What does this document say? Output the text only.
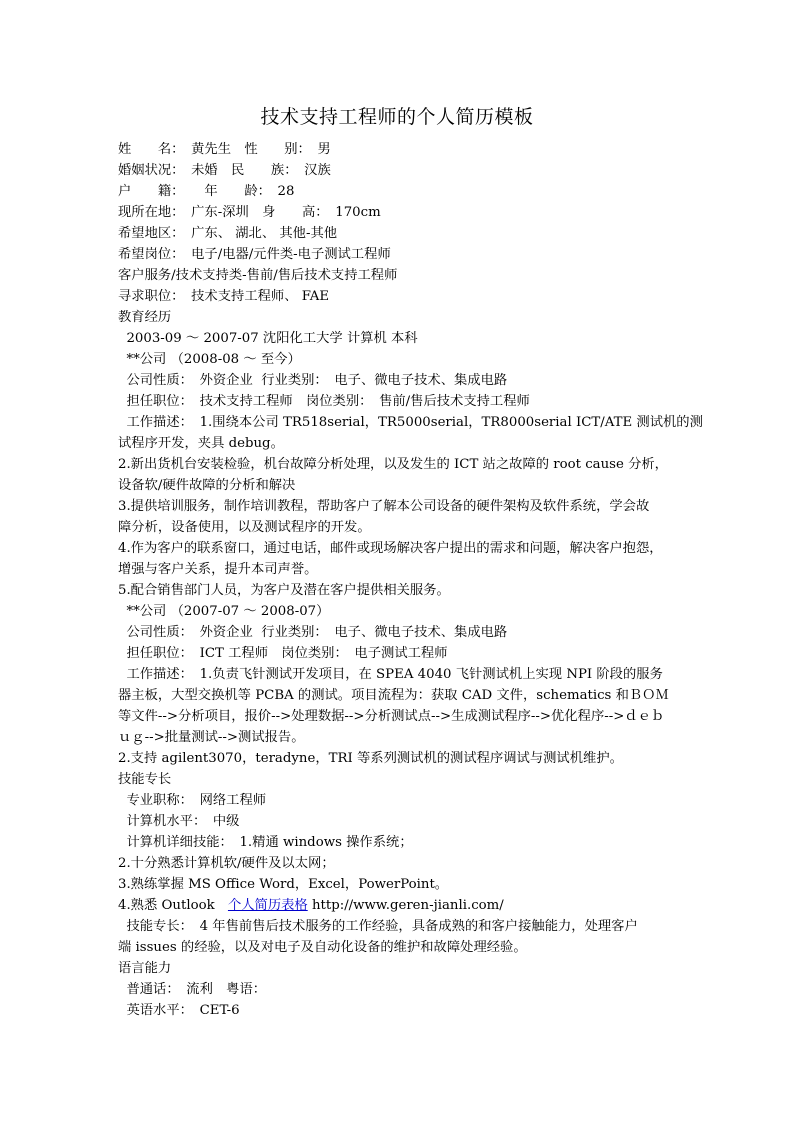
技术支持工程师的个人简历模板
姓　　名：　黄先生　性　　别：　男
婚姻状况：　未婚　民　　族：　汉族
户　　籍：　　年　　龄：　28
现所在地：　广东-深圳　身　　高：　170cm
希望地区：　广东、 湖北、 其他-其他
希望岗位：　电子/电器/元件类-电子测试工程师
客户服务/技术支持类-售前/售后技术支持工程师
寻求职位：　技术支持工程师、 FAE
教育经历
2003-09 ～ 2007-07 沈阳化工大学 计算机 本科
**公司 （2008-08 ～ 至今）
公司性质：　外资企业  行业类别：　电子、微电子技术、集成电路
担任职位：　技术支持工程师　岗位类别：　售前/售后技术支持工程师
工作描述：　1.围绕本公司 TR518serial，TR5000serial，TR8000serial ICT/ATE 测试机的测
试程序开发，夹具 debug。
2.新出货机台安装检验，机台故障分析处理，以及发生的 ICT 站之故障的 root cause 分析，
设备软/硬件故障的分析和解决
3.提供培训服务，制作培训教程，帮助客户了解本公司设备的硬件架构及软件系统，学会故
障分析，设备使用，以及测试程序的开发。
4.作为客户的联系窗口，通过电话，邮件或现场解决客户提出的需求和问题，解决客户抱怨，
增强与客户关系，提升本司声誉。
5.配合销售部门人员，为客户及潜在客户提供相关服务。
**公司 （2007-07 ～ 2008-07）
公司性质：　外资企业  行业类别：　电子、微电子技术、集成电路
担任职位：　ICT 工程师　岗位类别：　电子测试工程师
工作描述：　1.负责飞针测试开发项目，在 SPEA 4040 飞针测试机上实现 NPI 阶段的服务
器主板，大型交换机等 PCBA 的测试。项目流程为：获取 CAD 文件，schematics 和ＢＯＭ
等文件-->分析项目，报价-->处理数据-->分析测试点-->生成测试程序-->优化程序-->ｄｅｂ
ｕｇ-->批量测试-->测试报告。
2.支持 agilent3070，teradyne，TRI 等系列测试机的测试程序调试与测试机维护。
技能专长
专业职称：　网络工程师
计算机水平：　中级
计算机详细技能：　1.精通 windows 操作系统；
2.十分熟悉计算机软/硬件及以太网；
3.熟练掌握 MS Office Word，Excel，PowerPoint。
4.熟悉 Outlook　个人简历表格 http://www.geren-jianli.com/
技能专长：　4 年售前售后技术服务的工作经验，具备成熟的和客户接触能力，处理客户
端 issues 的经验，以及对电子及自动化设备的维护和故障处理经验。
语言能力
普通话：　流利　粤语：
英语水平：　CET-6
